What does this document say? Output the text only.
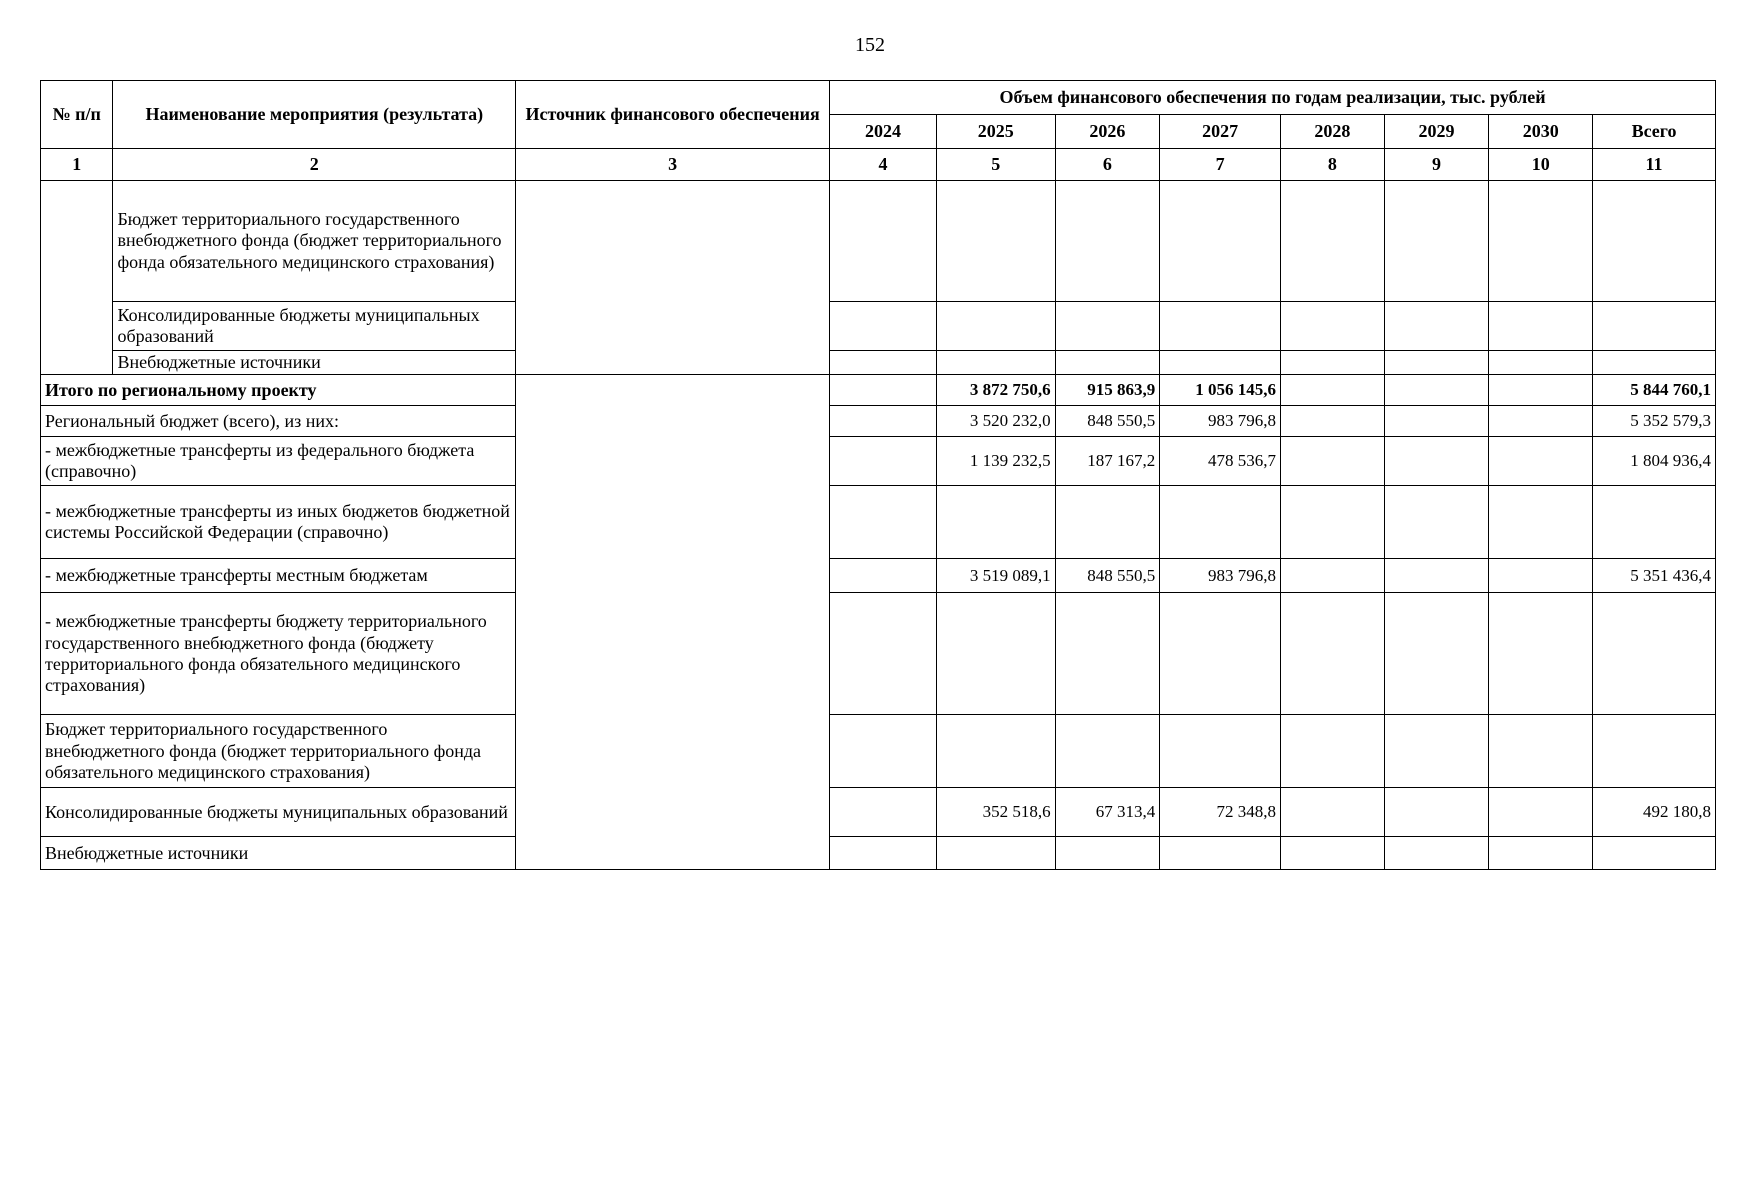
152
№ п/п	Наименование мероприятия (результата)	Источник финансового обеспечения	Объем финансового обеспечения по годам реализации, тыс. рублей							
			2024	2025	2026	2027	2028	2029	2030	Всего
1	2	3	4	5	6	7	8	9	10	11
	Бюджет территориального государственного внебюджетного фонда (бюджет территориального фонда обязательного медицинского страхования)									
	Консолидированные бюджеты муниципальных образований									
	Внебюджетные источники									
Итого по региональному проекту				3 872 750,6	915 863,9	1 056 145,6				5 844 760,1
Региональный бюджет (всего), из них:				3 520 232,0	848 550,5	983 796,8				5 352 579,3
- межбюджетные трансферты из федерального бюджета (справочно)				1 139 232,5	187 167,2	478 536,7				1 804 936,4
- межбюджетные трансферты из иных бюджетов бюджетной системы Российской Федерации (справочно)										
- межбюджетные трансферты местным бюджетам				3 519 089,1	848 550,5	983 796,8				5 351 436,4
- межбюджетные трансферты бюджету территориального государственного внебюджетного фонда (бюджету территориального фонда обязательного медицинского страхования)										
Бюджет территориального государственного внебюджетного фонда (бюджет территориального фонда обязательного медицинского страхования)										
Консолидированные бюджеты муниципальных образований				352 518,6	67 313,4	72 348,8				492 180,8
Внебюджетные источники										
